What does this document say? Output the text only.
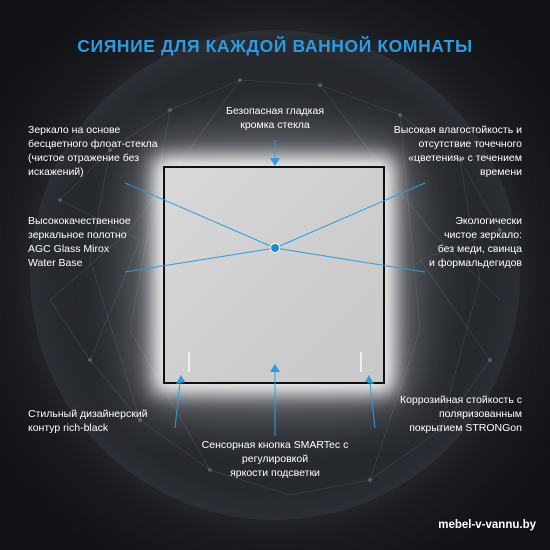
СИЯНИЕ ДЛЯ КАЖДОЙ ВАННОЙ КОМНАТЫ
Безопасная гладкая
кромка стекла
Зеркало на основе
бесцветного флоат-стекла
(чистое отражение без
искажений)
Высокая влагостойкость и
отсутствие точечного
«цветения» с течением
времени
Высококачественное
зеркальное полотно
AGC Glass Mirox
Water Base
Экологически
чистое зеркало:
без меди, свинца
и формальдегидов
Стильный дизайнерский
контур rich-black
Коррозийная стойкость с
поляризованным
покрытием STRONGon
Сенсорная кнопка SMARTec с
регулировкой
яркости подсветки
mebel-v-vannu.by
